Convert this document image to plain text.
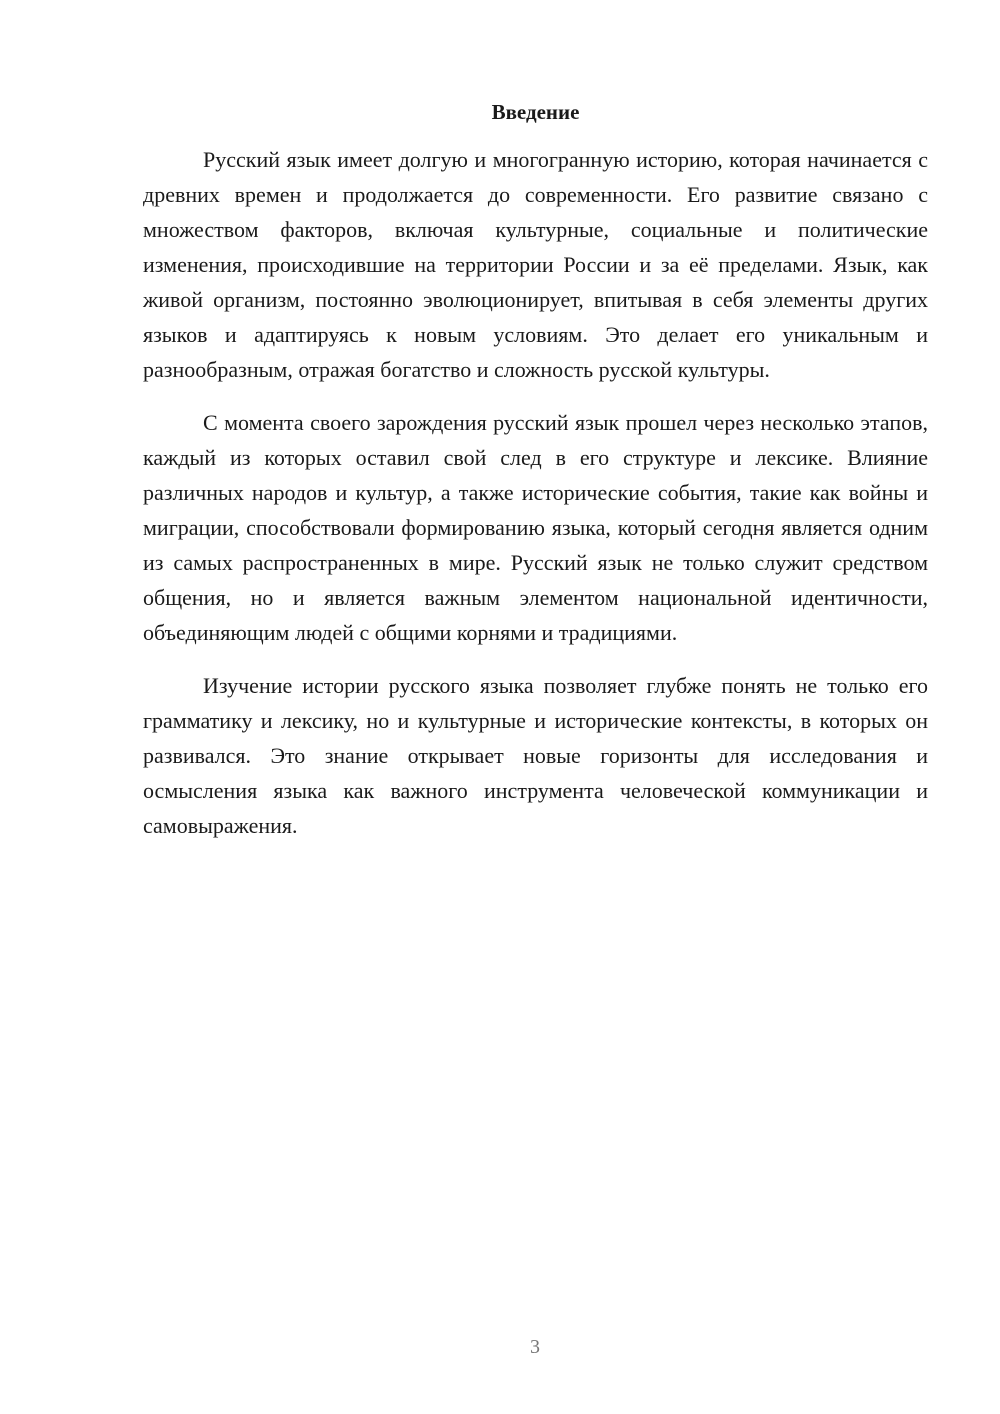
Введение

Русский язык имеет долгую и многогранную историю, которая начинается с древних времен и продолжается до современности. Его развитие связано с множеством факторов, включая культурные, социальные и политические изменения, происходившие на территории России и за её пределами. Язык, как живой организм, постоянно эволюционирует, впитывая в себя элементы других языков и адаптируясь к новым условиям. Это делает его уникальным и разнообразным, отражая богатство и сложность русской культуры.

С момента своего зарождения русский язык прошел через несколько этапов, каждый из которых оставил свой след в его структуре и лексике. Влияние различных народов и культур, а также исторические события, такие как войны и миграции, способствовали формированию языка, который сегодня является одним из самых распространенных в мире. Русский язык не только служит средством общения, но и является важным элементом национальной идентичности, объединяющим людей с общими корнями и традициями.

Изучение истории русского языка позволяет глубже понять не только его грамматику и лексику, но и культурные и исторические контексты, в которых он развивался. Это знание открывает новые горизонты для исследования и осмысления языка как важного инструмента человеческой коммуникации и самовыражения.

3
